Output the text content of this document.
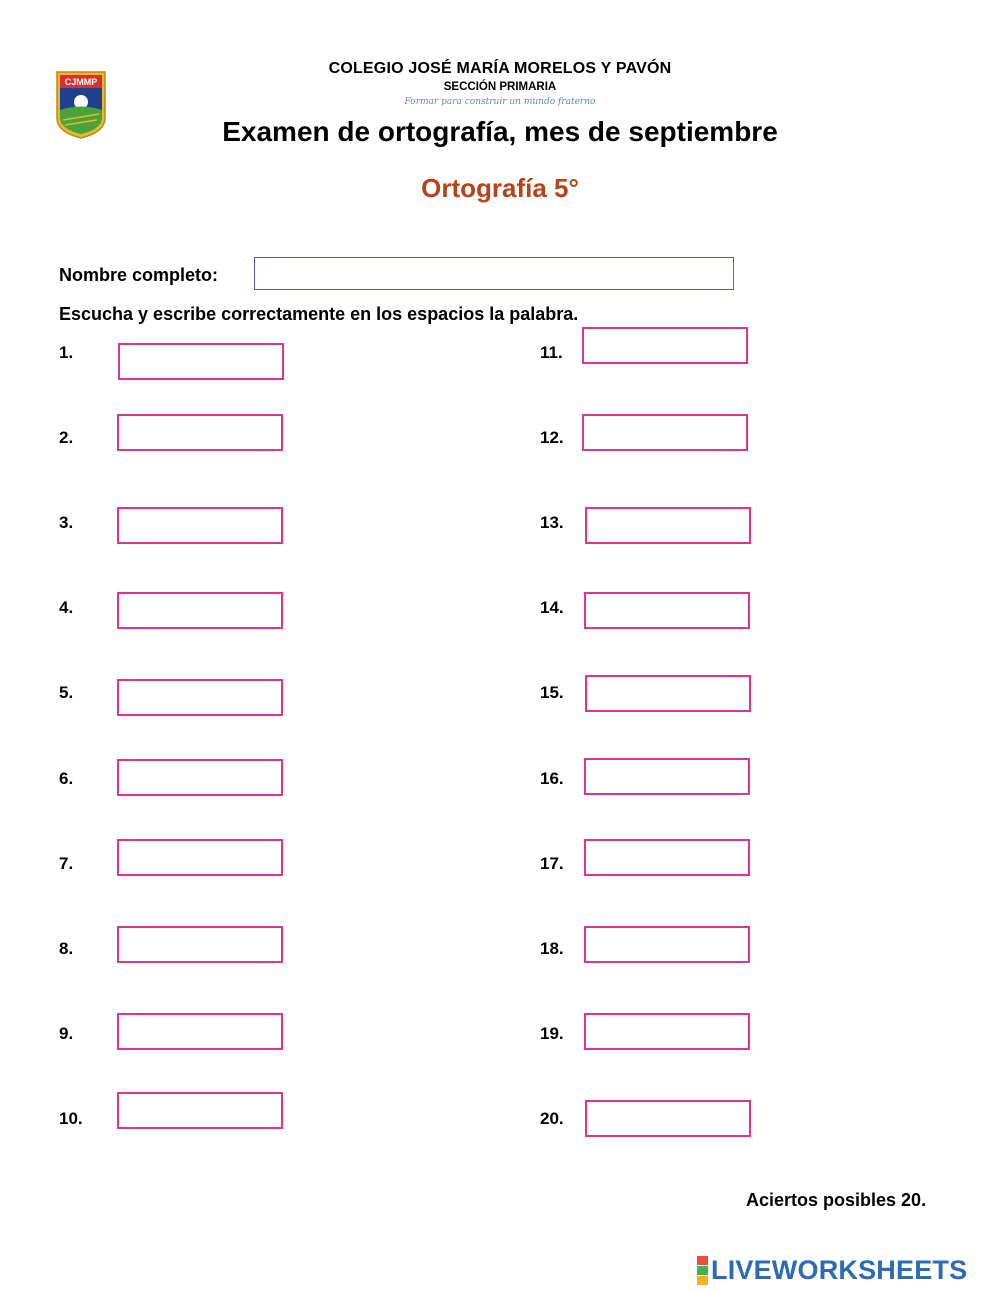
CJMMP
COLEGIO JOSÉ MARÍA MORELOS Y PAVÓN
SECCIÓN PRIMARIA
Formar para construir un mundo fraterno
Examen de ortografía, mes de septiembre
Ortografía 5°
Nombre completo:
Escucha y escribe correctamente en los espacios la palabra.
1.
2.
3.
4.
5.
6.
7.
8.
9.
10.
11.
12.
13.
14.
15.
16.
17.
18.
19.
20.
Aciertos posibles 20.
LIVEWORKSHEETS
